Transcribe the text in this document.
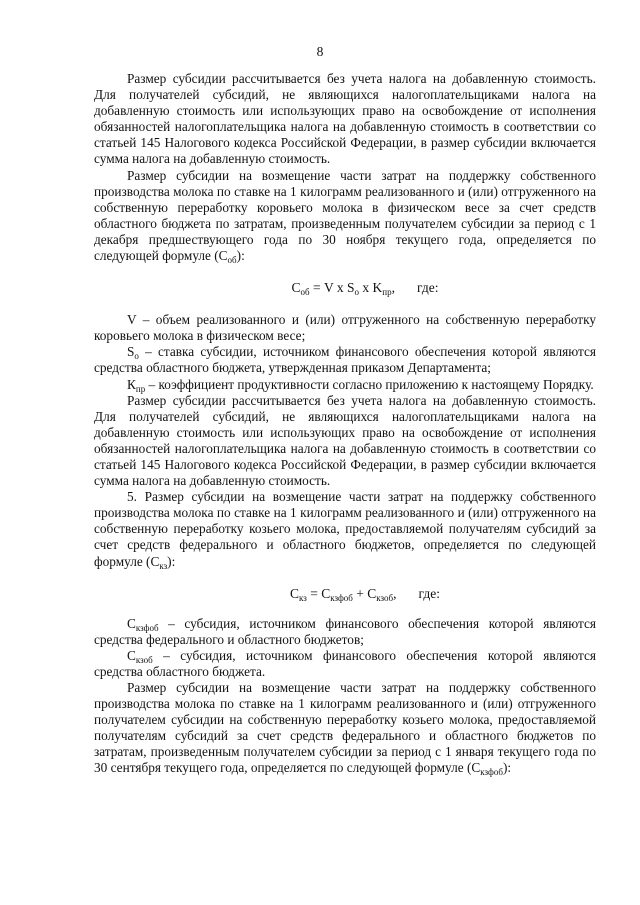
8

Размер субсидии рассчитывается без учета налога на добавленную стоимость. Для получателей субсидий, не являющихся налогоплательщиками налога на добавленную стоимость или использующих право на освобождение от исполнения обязанностей налогоплательщика налога на добавленную стоимость в соответствии со статьей 145 Налогового кодекса Российской Федерации, в размер субсидии включается сумма налога на добавленную стоимость.

Размер субсидии на возмещение части затрат на поддержку собственного производства молока по ставке на 1 килограмм реализованного и (или) отгруженного на собственную переработку коровьего молока в физическом весе за счет средств областного бюджета по затратам, произведенным получателем субсидии за период с 1 декабря предшествующего года по 30 ноября текущего года, определяется по следующей формуле $(С_{об})$:

$С_{об} = V$ x $S_о$ x $K_{пр}$, где:

V – объем реализованного и (или) отгруженного на собственную переработку коровьего молока в физическом весе;

$S_о$ – ставка субсидии, источником финансового обеспечения которой являются средства областного бюджета, утвержденная приказом Департамента;

$К_{пр}$ – коэффициент продуктивности согласно приложению к настоящему Порядку.

Размер субсидии рассчитывается без учета налога на добавленную стоимость. Для получателей субсидий, не являющихся налогоплательщиками налога на добавленную стоимость или использующих право на освобождение от исполнения обязанностей налогоплательщика налога на добавленную стоимость в соответствии со статьей 145 Налогового кодекса Российской Федерации, в размер субсидии включается сумма налога на добавленную стоимость.

5. Размер субсидии на возмещение части затрат на поддержку собственного производства молока по ставке на 1 килограмм реализованного и (или) отгруженного на собственную переработку козьего молока, предоставляемой получателям субсидий за счет средств федерального и областного бюджетов, определяется по следующей формуле $(С_{кз})$:

$С_{кз} = С_{кзфоб} + С_{кзоб}$, где:

$С_{кзфоб}$ – субсидия, источником финансового обеспечения которой являются средства федерального и областного бюджетов;

$С_{кзоб}$ – субсидия, источником финансового обеспечения которой являются средства областного бюджета.

Размер субсидии на возмещение части затрат на поддержку собственного производства молока по ставке на 1 килограмм реализованного и (или) отгруженного получателем субсидии на собственную переработку козьего молока, предоставляемой получателям субсидий за счет средств федерального и областного бюджетов по затратам, произведенным получателем субсидии за период с 1 января текущего года по 30 сентября текущего года, определяется по следующей формуле $(С_{кзфоб})$:
